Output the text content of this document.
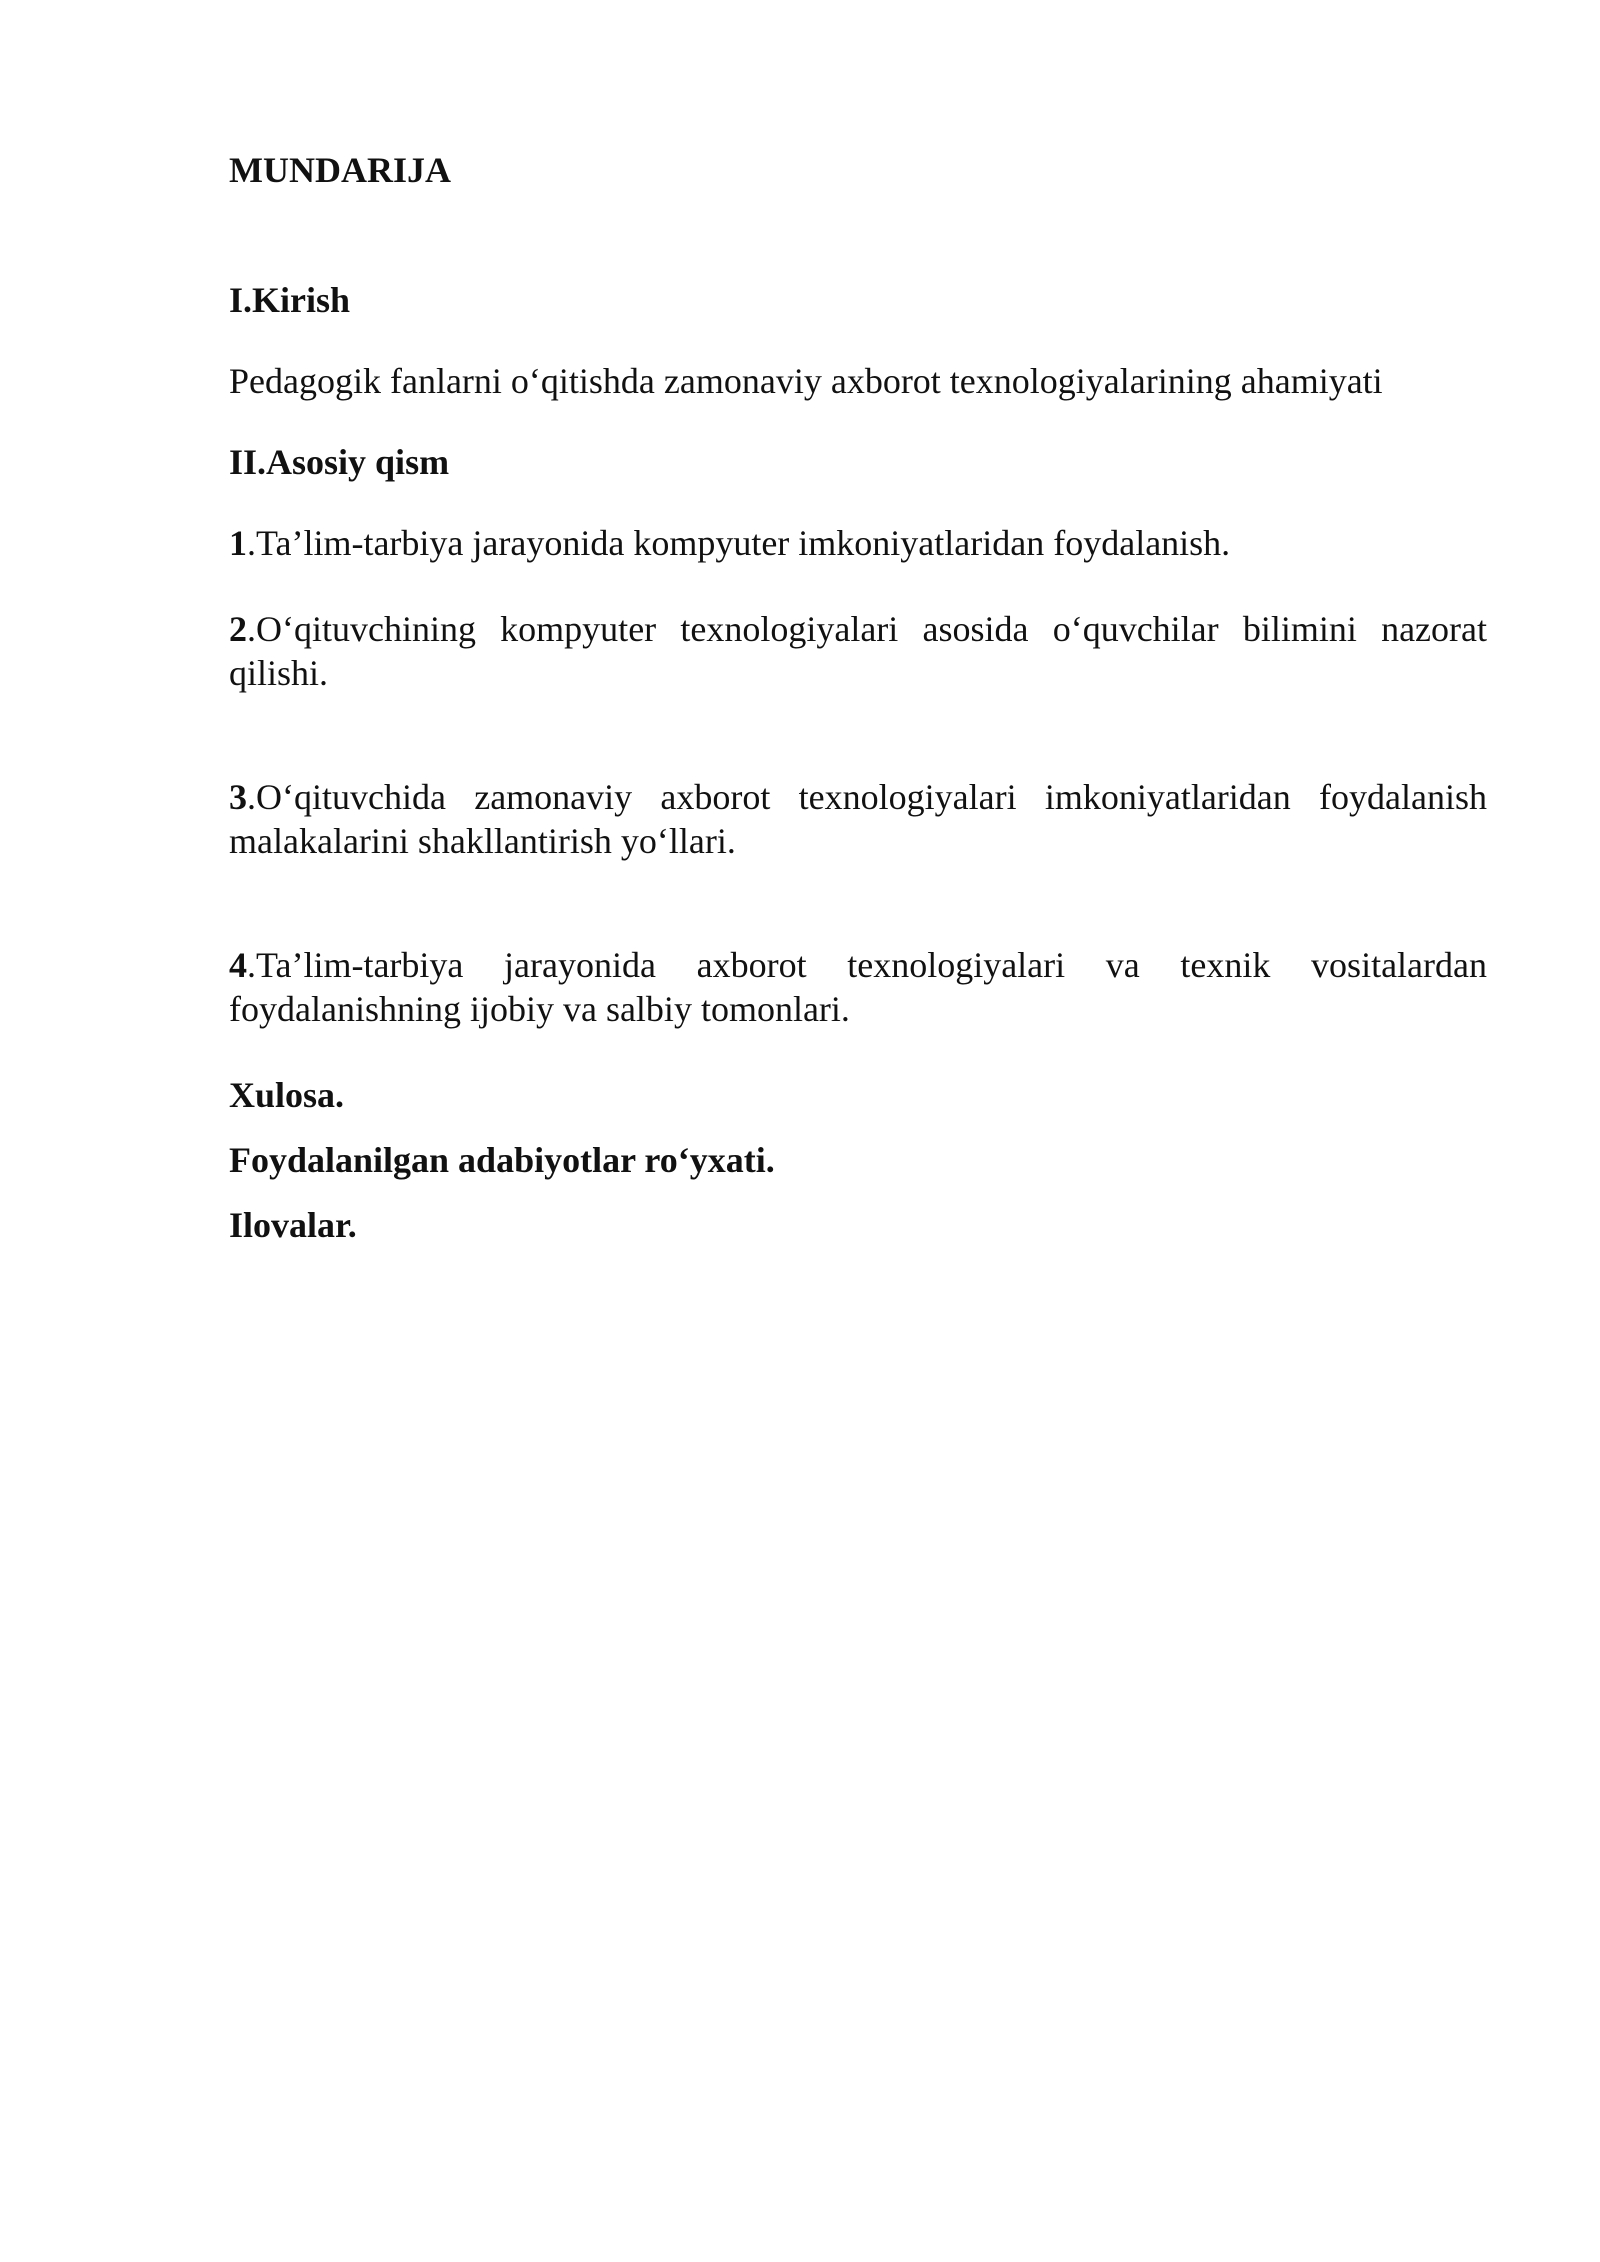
MUNDARIJA
I.Kirish
Pedagogik fanlarni o‘qitishda zamonaviy axborot texnologiyalarining ahamiyati
II.Asosiy qism
1.Ta’lim-tarbiya jarayonida kompyuter imkoniyatlaridan foydalanish.
2.O‘qituvchining kompyuter texnologiyalari asosida o‘quvchilar bilimini nazorat qilishi.
3.O‘qituvchida zamonaviy axborot texnologiyalari imkoniyatlaridan foydalanish malakalarini shakllantirish yo‘llari.
4.Ta’lim-tarbiya jarayonida axborot texnologiyalari va texnik vositalardan foydalanishning ijobiy va salbiy tomonlari.
Xulosa.
Foydalanilgan adabiyotlar ro‘yxati.
Ilovalar.
